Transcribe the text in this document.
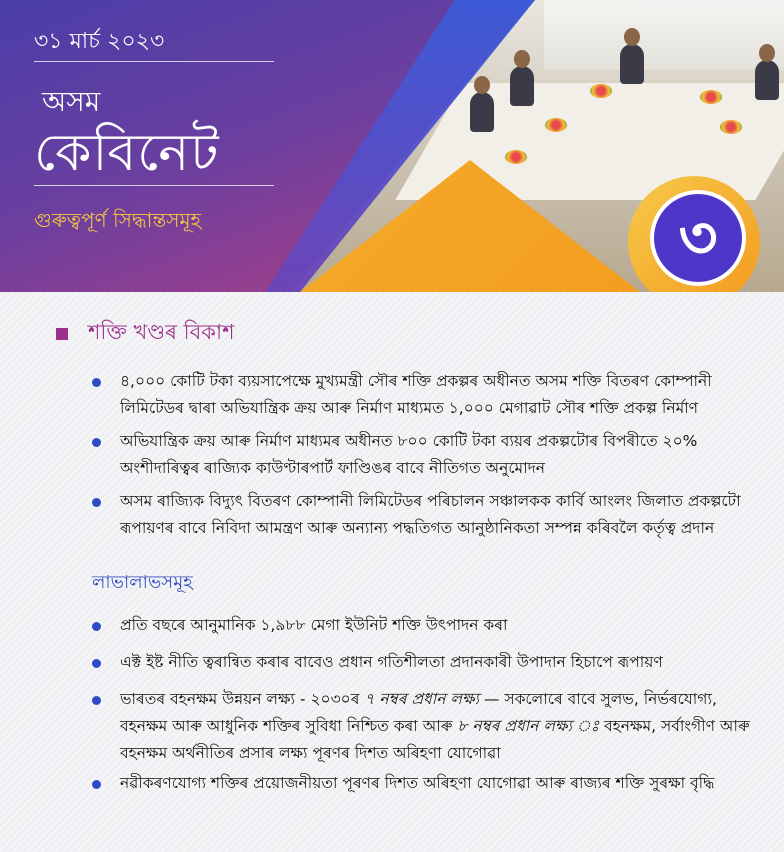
৩
৩১ মাৰ্চ ২০২৩
অসম
কেবিনেট
গুৰুত্বপূৰ্ণ সিদ্ধান্তসমূহ
শক্তি খণ্ডৰ বিকাশ
৪,০০০ কোটি টকা ব্যয়সাপেক্ষে মুখ্যমন্ত্ৰী সৌৰ শক্তি প্ৰকল্পৰ অধীনত অসম শক্তি বিতৰণ কোম্পানী লিমিটেডৰ দ্বাৰা অভিযান্ত্ৰিক ক্ৰয় আৰু নিৰ্মাণ মাধ্যমত ১,০০০ মেগাৱাট সৌৰ শক্তি প্ৰকল্প নিৰ্মাণ
অভিযান্ত্ৰিক ক্ৰয় আৰু নিৰ্মাণ মাধ্যমৰ অধীনত ৮০০ কোটি টকা ব্যয়ৰ প্ৰকল্পটোৰ বিপৰীতে ২০% অংশীদাৰিত্বৰ ৰাজ্যিক কাউণ্টাৰপাৰ্ট ফাণ্ডিঙৰ বাবে নীতিগত অনুমোদন
অসম ৰাজ্যিক বিদ্যুৎ বিতৰণ কোম্পানী লিমিটেডৰ পৰিচালন সঞ্চালকক কাৰ্বি আংলং জিলাত প্ৰকল্পটো ৰূপায়ণৰ বাবে নিবিদা আমন্ত্ৰণ আৰু অন্যান্য পদ্ধতিগত আনুষ্ঠানিকতা সম্পন্ন কৰিবলৈ কৰ্তৃত্ব প্ৰদান
লাভালাভসমূহ
প্ৰতি বছৰে আনুমানিক ১,৯৮৮ মেগা ইউনিট শক্তি উৎপাদন কৰা
এক্ট ইষ্ট নীতি ত্বৰান্বিত কৰাৰ বাবেও প্ৰধান গতিশীলতা প্ৰদানকাৰী উপাদান হিচাপে ৰূপায়ণ
ভাৰতৰ বহনক্ষম উন্নয়ন লক্ষ্য - ২০৩০ৰ ৭ নম্বৰ প্ৰধান লক্ষ্য — সকলোৰে বাবে সুলভ, নিৰ্ভৰযোগ্য, বহনক্ষম আৰু আধুনিক শক্তিৰ সুবিধা নিশ্চিত কৰা আৰু ৮ নম্বৰ প্ৰধান লক্ষ্য ঃ বহনক্ষম, সৰ্বাংগীণ আৰু বহনক্ষম অৰ্থনীতিৰ প্ৰসাৰ লক্ষ্য পূৰণৰ দিশত অৰিহণা যোগোৱা
নৱীকৰণযোগ্য শক্তিৰ প্ৰয়োজনীয়তা পূৰণৰ দিশত অৰিহণা যোগোৱা আৰু ৰাজ্যৰ শক্তি সুৰক্ষা বৃদ্ধি
